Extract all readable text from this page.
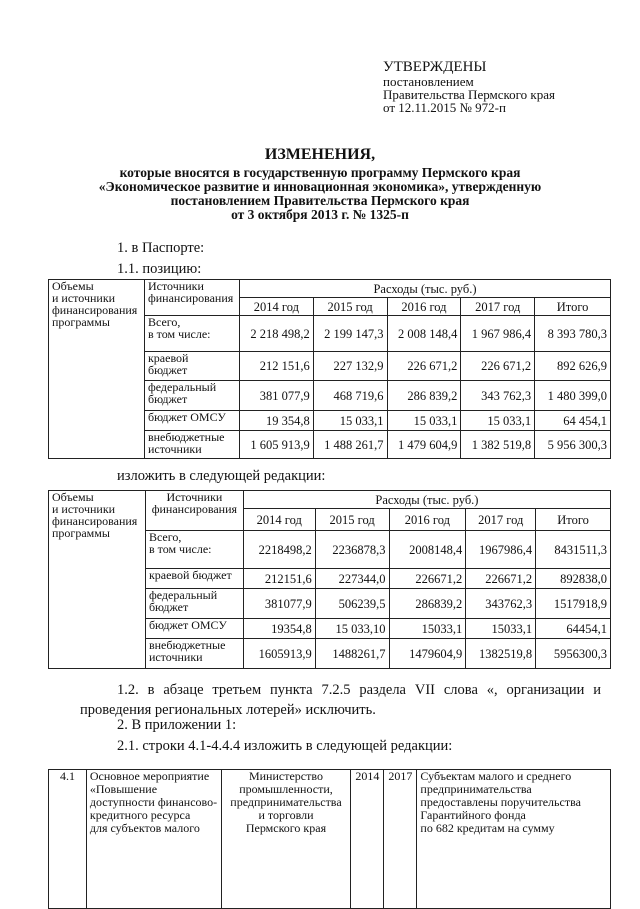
УТВЕРЖДЕНЫ
постановлением
Правительства Пермского края
от 12.11.2015 № 972-п
ИЗМЕНЕНИЯ,
которые вносятся в государственную программу Пермского края
«Экономическое развитие и инновационная экономика», утвержденную
постановлением Правительства Пермского края
от 3 октября 2013 г. № 1325-п
1. в Паспорте:
1.1. позицию:
Объемы
и источники
финансирования
программы	Источники
финансирования	Расходы (тыс. руб.)				
		2014 год	2015 год	2016 год	2017 год	Итого
	Всего,
в том числе:	2 218 498,2	2 199 147,3	2 008 148,4	1 967 986,4	8 393 780,3
	краевой
бюджет	212 151,6	227 132,9	226 671,2	226 671,2	892 626,9
	федеральный
бюджет	381 077,9	468 719,6	286 839,2	343 762,3	1 480 399,0
	бюджет ОМСУ	19 354,8	15 033,1	15 033,1	15 033,1	64 454,1
	внебюджетные
источники	1 605 913,9	1 488 261,7	1 479 604,9	1 382 519,8	5 956 300,3
изложить в следующей редакции:
Объемы
и источники
финансирования
программы	Источники
финансирования	Расходы (тыс. руб.)				
		2014 год	2015 год	2016 год	2017 год	Итого
	Всего,
в том числе:	2218498,2	2236878,3	2008148,4	1967986,4	8431511,3
	краевой бюджет	212151,6	227344,0	226671,2	226671,2	892838,0
	федеральный
бюджет	381077,9	506239,5	286839,2	343762,3	1517918,9
	бюджет ОМСУ	19354,8	15 033,10	15033,1	15033,1	64454,1
	внебюджетные
источники	1605913,9	1488261,7	1479604,9	1382519,8	5956300,3
1.2. в абзаце третьем пункта 7.2.5 раздела VII слова «, организации и проведения региональных лотерей» исключить.
2. В приложении 1:
2.1. строки 4.1-4.4.4 изложить в следующей редакции:
4.1	Основное мероприятие
«Повышение
доступности финансово-
кредитного ресурса
для субъектов малого	Министерство
промышленности,
предпринимательства
и торговли
Пермского края	2014	2017	Субъектам малого и среднего
предпринимательства
предоставлены поручительства
Гарантийного фонда
по 682 кредитам на сумму
